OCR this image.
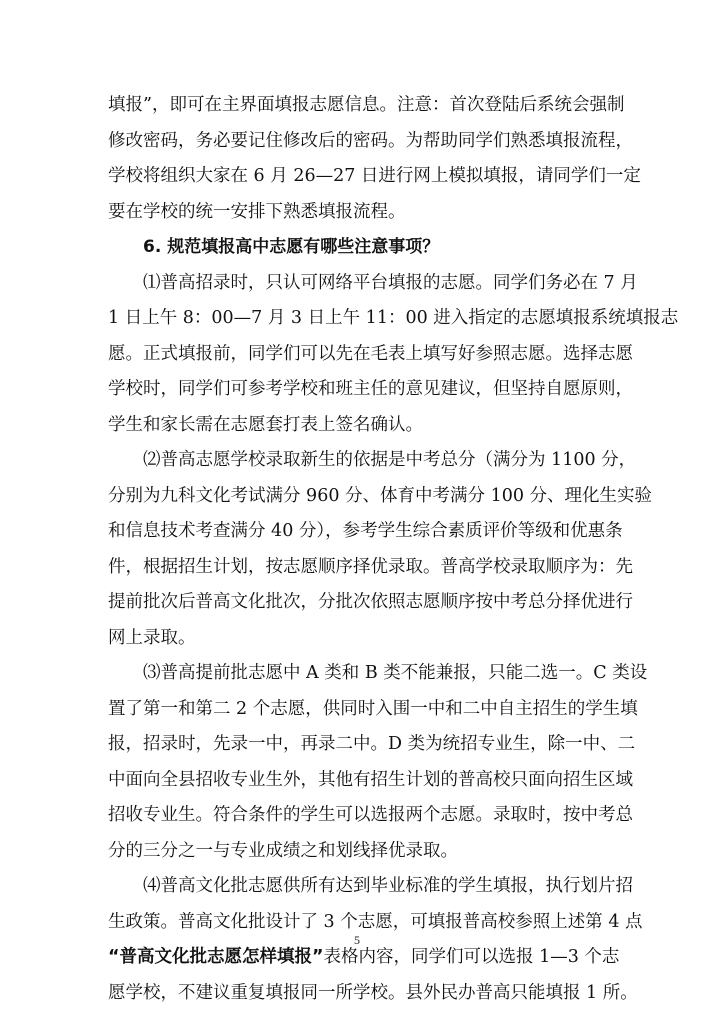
填报”，即可在主界面填报志愿信息。注意：首次登陆后系统会强制
修改密码，务必要记住修改后的密码。为帮助同学们熟悉填报流程，
学校将组织大家在 6 月 26—27 日进行网上模拟填报，请同学们一定
要在学校的统一安排下熟悉填报流程。
6. 规范填报高中志愿有哪些注意事项？
⑴普高招录时，只认可网络平台填报的志愿。同学们务必在 7 月
1 日上午 8：00—7 月 3 日上午 11：00 进入指定的志愿填报系统填报志
愿。正式填报前，同学们可以先在毛表上填写好参照志愿。选择志愿
学校时，同学们可参考学校和班主任的意见建议，但坚持自愿原则，
学生和家长需在志愿套打表上签名确认。
⑵普高志愿学校录取新生的依据是中考总分（满分为 1100 分，
分别为九科文化考试满分 960 分、体育中考满分 100 分、理化生实验
和信息技术考查满分 40 分），参考学生综合素质评价等级和优惠条
件，根据招生计划，按志愿顺序择优录取。普高学校录取顺序为：先
提前批次后普高文化批次，分批次依照志愿顺序按中考总分择优进行
网上录取。
⑶普高提前批志愿中 A 类和 B 类不能兼报，只能二选一。C 类设
置了第一和第二 2 个志愿，供同时入围一中和二中自主招生的学生填
报，招录时，先录一中，再录二中。D 类为统招专业生，除一中、二
中面向全县招收专业生外，其他有招生计划的普高校只面向招生区域
招收专业生。符合条件的学生可以选报两个志愿。录取时，按中考总
分的三分之一与专业成绩之和划线择优录取。
⑷普高文化批志愿供所有达到毕业标准的学生填报，执行划片招
生政策。普高文化批设计了 3 个志愿，可填报普高校参照上述第 4 点
“普高文化批志愿怎样填报”表格内容，同学们可以选报 1—3 个志
愿学校，不建议重复填报同一所学校。县外民办普高只能填报 1 所。
5
